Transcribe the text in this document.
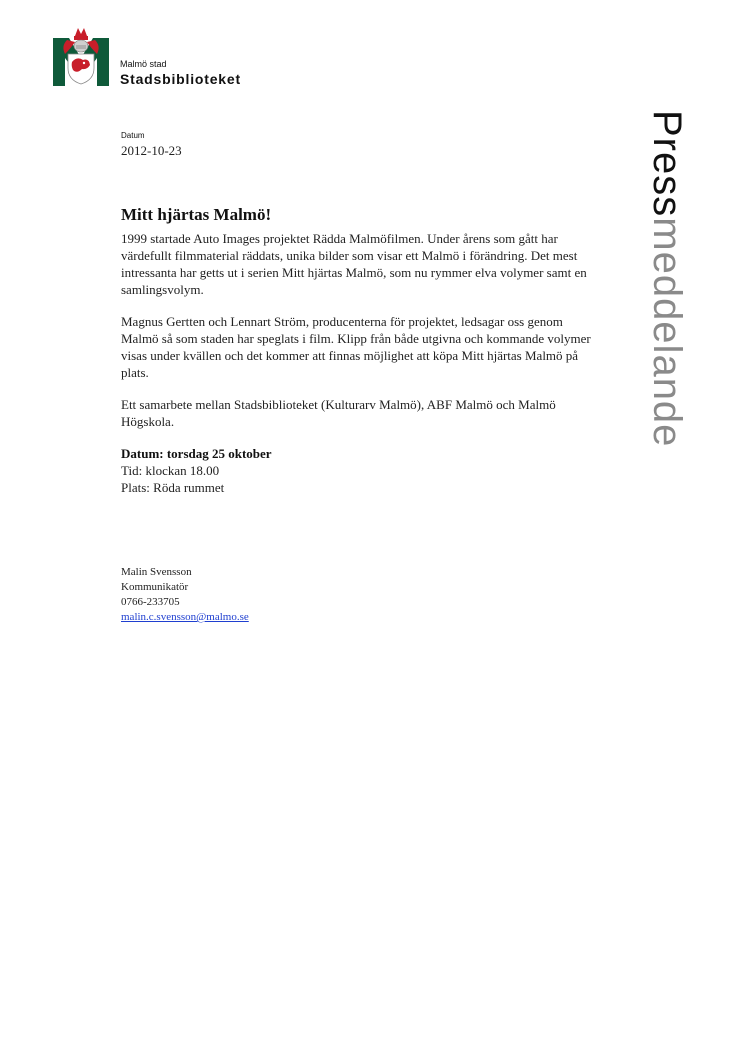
Malmö stad
Stadsbiblioteket
Datum
2012-10-23	Pressmeddelande
Mitt hjärtas Malmö!

1999 startade Auto Images projektet Rädda Malmöfilmen. Under årens som gått har värdefullt filmmaterial räddats, unika bilder som visar ett Malmö i förändring. Det mest intressanta har getts ut i serien Mitt hjärtas Malmö, som nu rymmer elva volymer samt en samlingsvolym.

Magnus Gertten och Lennart Ström, producenterna för projektet, ledsagar oss genom Malmö så som staden har speglats i film. Klipp från både utgivna och kommande volymer visas under kvällen och det kommer att finnas möjlighet att köpa Mitt hjärtas Malmö på plats.

Ett samarbete mellan Stadsbiblioteket (Kulturarv Malmö), ABF Malmö och Malmö Högskola.

Datum: torsdag 25 oktober
Tid: klockan 18.00
Plats: Röda rummet
Malin Svensson
Kommunikatör
0766-233705
malin.c.svensson@malmo.se
